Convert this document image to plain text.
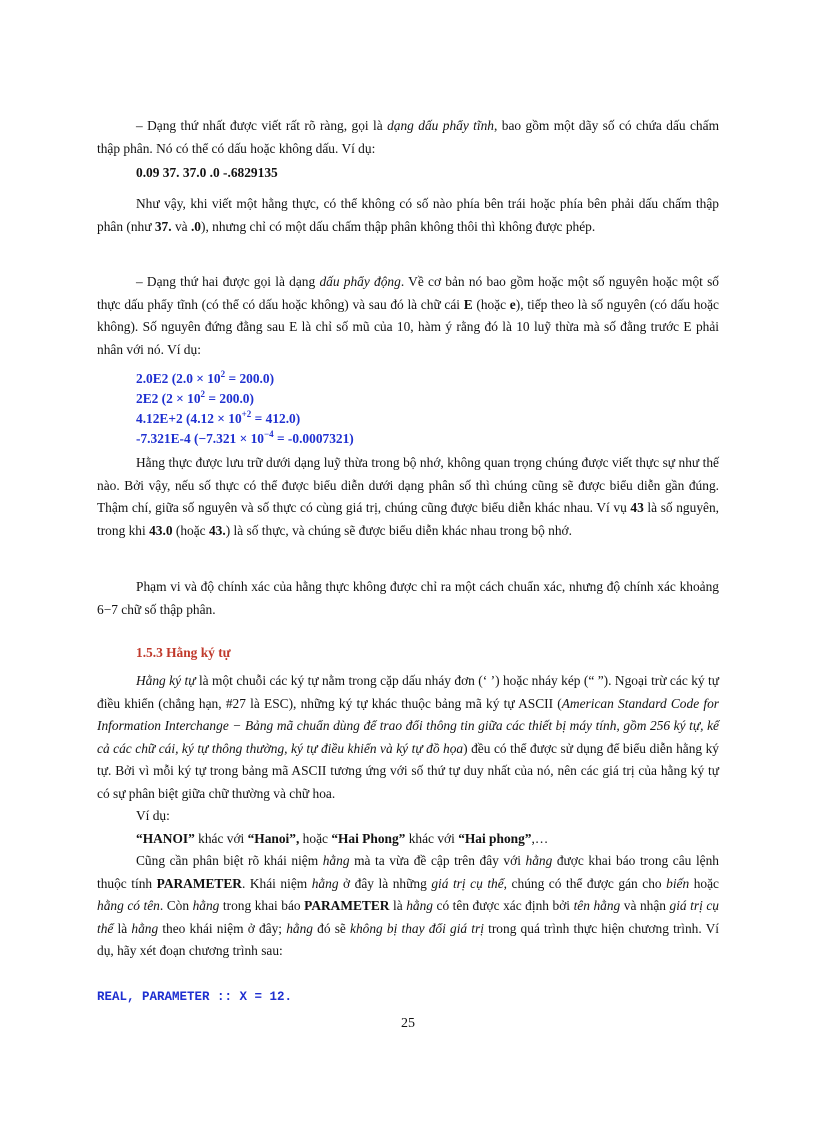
– Dạng thứ nhất được viết rất rõ ràng, gọi là dạng dấu phẩy tĩnh, bao gồm một dãy số có chứa dấu chấm thập phân. Nó có thể có dấu hoặc không dấu. Ví dụ:

0.09 37. 37.0 .0 -.6829135

Như vậy, khi viết một hằng thực, có thể không có số nào phía bên trái hoặc phía bên phải dấu chấm thập phân (như 37. và .0), nhưng chỉ có một dấu chấm thập phân không thôi thì không được phép.

– Dạng thứ hai được gọi là dạng dấu phẩy động. Về cơ bản nó bao gồm hoặc một số nguyên hoặc một số thực dấu phẩy tĩnh (có thể có dấu hoặc không) và sau đó là chữ cái E (hoặc e), tiếp theo là số nguyên (có dấu hoặc không). Số nguyên đứng đằng sau E là chỉ số mũ của 10, hàm ý rằng đó là 10 luỹ thừa mà số đằng trước E phải nhân với nó. Ví dụ:

2.0E2 $(2.0 \times 10^2 = 200.0)$
2E2 $(2 \times 10^2 = 200.0)$
4.12E+2 $(4.12 \times 10^{+2} = 412.0)$
-7.321E-4 $(-7.321 \times 10^{-4} = -0.0007321)$

Hằng thực được lưu trữ dưới dạng luỹ thừa trong bộ nhớ, không quan trọng chúng được viết thực sự như thế nào. Bởi vậy, nếu số thực có thể được biểu diễn dưới dạng phân số thì chúng cũng sẽ được biểu diễn gần đúng. Thậm chí, giữa số nguyên và số thực có cùng giá trị, chúng cũng được biểu diễn khác nhau. Ví vụ 43 là số nguyên, trong khi 43.0 (hoặc 43.) là số thực, và chúng sẽ được biểu diễn khác nhau trong bộ nhớ.

Phạm vi và độ chính xác của hằng thực không được chỉ ra một cách chuẩn xác, nhưng độ chính xác khoảng 6−7 chữ số thập phân.

1.5.3 Hằng ký tự

Hằng ký tự là một chuỗi các ký tự nằm trong cặp dấu nháy đơn (‘ ’) hoặc nháy kép (“ ”). Ngoại trừ các ký tự điều khiển (chẳng hạn, #27 là ESC), những ký tự khác thuộc bảng mã ký tự ASCII (American Standard Code for Information Interchange − Bảng mã chuẩn dùng để trao đổi thông tin giữa các thiết bị máy tính, gồm 256 ký tự, kể cả các chữ cái, ký tự thông thường, ký tự điều khiển và ký tự đồ họa) đều có thể được sử dụng để biểu diễn hằng ký tự. Bởi vì mỗi ký tự trong bảng mã ASCII tương ứng với số thứ tự duy nhất của nó, nên các giá trị của hằng ký tự có sự phân biệt giữa chữ thường và chữ hoa.

Ví dụ:

“HANOI” khác với “Hanoi”, hoặc “Hai Phong” khác với “Hai phong”,…

Cũng cần phân biệt rõ khái niệm hằng mà ta vừa đề cập trên đây với hằng được khai báo trong câu lệnh thuộc tính PARAMETER. Khái niệm hằng ở đây là những giá trị cụ thể, chúng có thể được gán cho biến hoặc hằng có tên. Còn hằng trong khai báo PARAMETER là hằng có tên được xác định bởi tên hằng và nhận giá trị cụ thể là hằng theo khái niệm ở đây; hằng đó sẽ không bị thay đổi giá trị trong quá trình thực hiện chương trình. Ví dụ, hãy xét đoạn chương trình sau:

REAL, PARAMETER :: X = 12.
25
